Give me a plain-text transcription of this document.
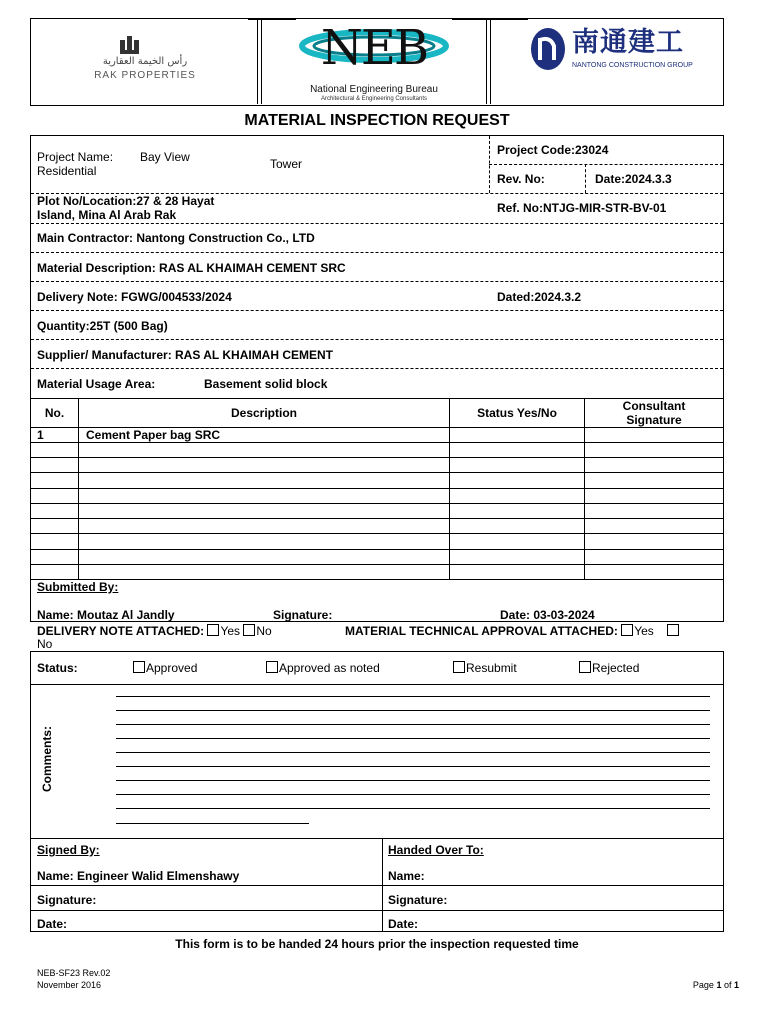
رأس الخيمة العقارية
RAK PROPERTIES	NEB
National Engineering Bureau
Architectural & Engineering Consultants
南通建工
NANTONG CONSTRUCTION GROUP
MATERIAL INSPECTION REQUEST
Project Name: Bay View
Residential	Tower
Project Code:23024
Rev. No:	Date:2024.3.3
Plot No/Location:27 & 28 Hayat
Island, Mina Al Arab Rak	Ref. No:NTJG-MIR-STR-BV-01
Main Contractor: Nantong Construction Co., LTD
Material Description: RAS AL KHAIMAH CEMENT SRC
Delivery Note: FGWG/004533/2024	Dated:2024.3.2
Quantity:25T (500 Bag)
Supplier/ Manufacturer: RAS AL KHAIMAH CEMENT
Material Usage Area:	Basement solid block
No.	Description	Status Yes/No	Consultant
Signature
1	Cement Paper bag SRC
Submitted By:
Name: Moutaz Al Jandly	Signature:	Date: 03-03-2024
DELIVERY NOTE ATTACHED: Yes No	MATERIAL TECHNICAL APPROVAL ATTACHED: Yes
No
Status:	Approved	Approved as noted	Resubmit	Rejected
Comments:
Signed By:	Handed Over To:
Name: Engineer Walid Elmenshawy	Name:
Signature:	Signature:
Date:	Date:
This form is to be handed 24 hours prior the inspection requested time
NEB-SF23 Rev.02
November 2016	Page 1 of 1
